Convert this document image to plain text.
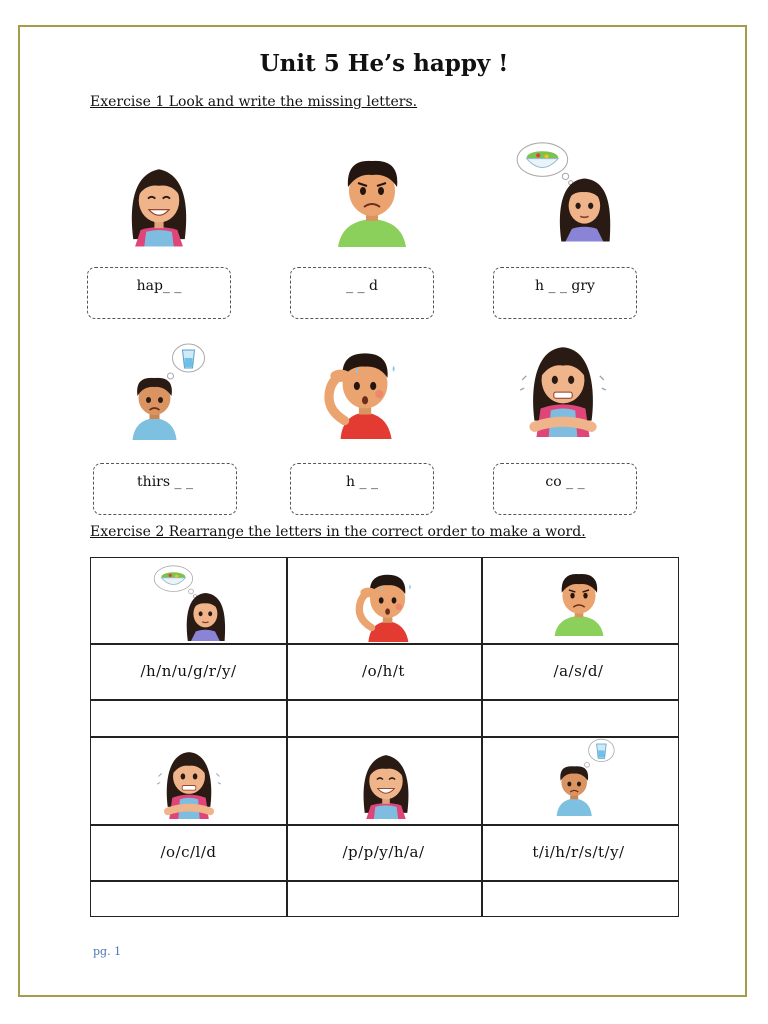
Unit 5 He’s happy !
Exercise 1 Look and write the missing letters.
hap_ _	_ _ d	h _ _ gry
thirs _ _	h _ _	co _ _
Exercise 2 Rearrange the letters in the correct order to make a word.
/h/n/u/g/r/y/	/o/h/t	/a/s/d/
/o/c/l/d	/p/p/y/h/a/	t/i/h/r/s/t/y/
pg. 1
